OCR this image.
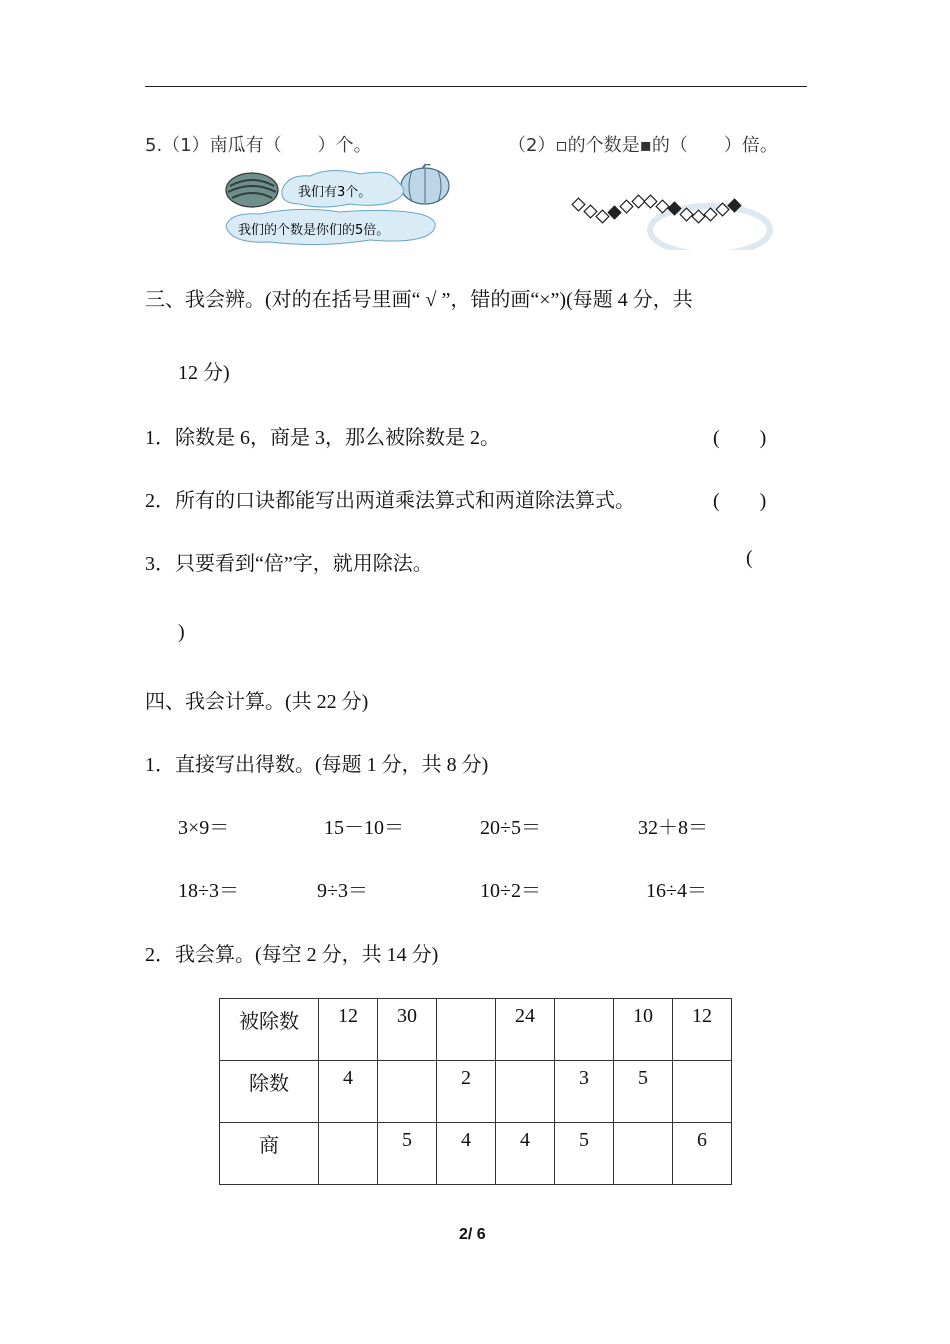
5.（1）南瓜有（　　）个。	（2）▫的个数是▪的（　　）倍。
我们有3个。
我们的个数是你们的5倍。
三、我会辨。(对的在括号里画“ √ ”，错的画“×”)(每题 4 分，共
12 分)
1．除数是 6，商是 3，那么被除数是 2。	(　　)
2．所有的口诀都能写出两道乘法算式和两道除法算式。	(　　)
3．只要看到“倍”字，就用除法。	(
)
四、我会计算。(共 22 分)
1．直接写出得数。(每题 1 分，共 8 分)
3×9＝	15－10＝	20÷5＝	32＋8＝
18÷3＝	9÷3＝	10÷2＝	16÷4＝
2．我会算。(每空 2 分，共 14 分)
被除数	12	30		24		10	12
除数	4		2		3	5	
商		5	4	4	5		6
2/ 6
